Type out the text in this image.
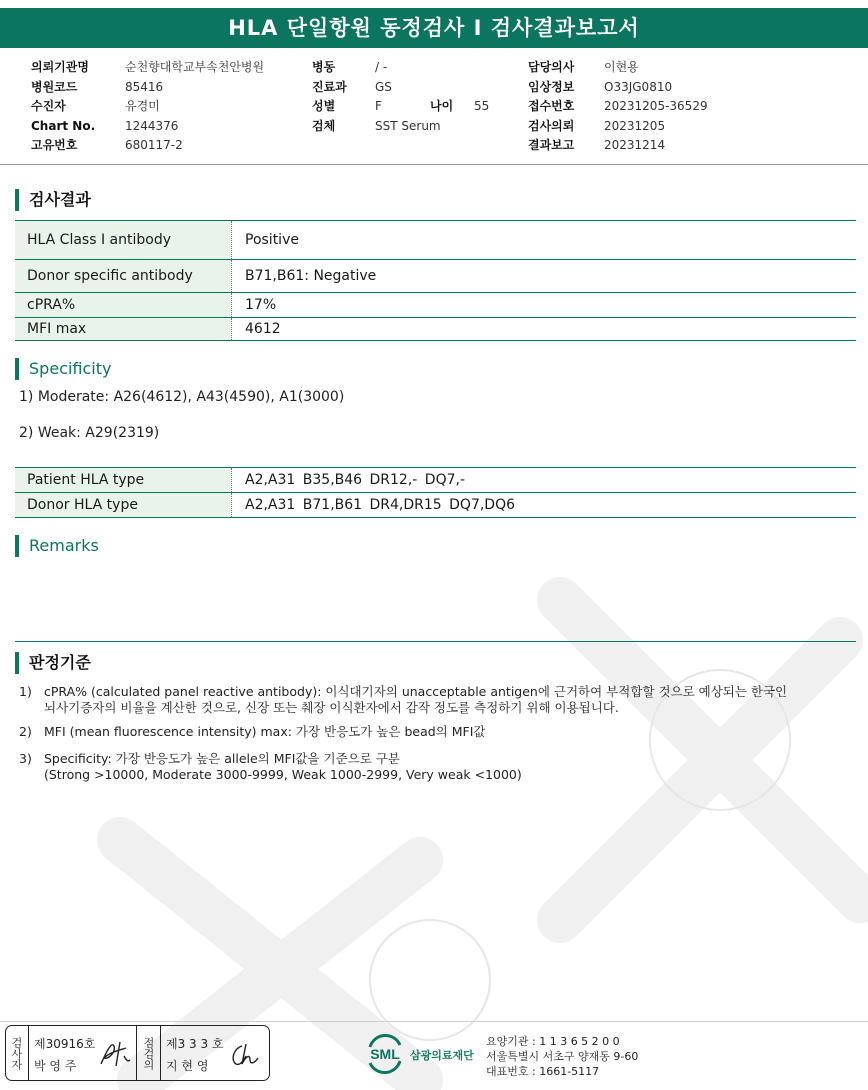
HLA 단일항원 동정검사 I 검사결과보고서
의뢰기관명	순천향대학교부속천안병원
병원코드	85416
수진자	유경미
Chart No. 1244376
고유번호	680117-2
병동	/ -
진료과 GS
성별	F	나이 55
검체	SST Serum
담당의사 이현용
임상정보 O33JG0810
접수번호 20231205-36529
검사의뢰 20231205
결과보고 20231214
검사결과
HLA Class I antibody	Positive
Donor specific antibody	B71,B61: Negative
cPRA%	17%
MFI max	4612
Specificity
1) Moderate: A26(4612), A43(4590), A1(3000)
2) Weak: A29(2319)
Patient HLA type	A2,A31 B35,B46 DR12,- DQ7,-
Donor HLA type	A2,A31 B71,B61 DR4,DR15 DQ7,DQ6
Remarks
판정기준
1) cPRA% (calculated panel reactive antibody): 이식대기자의 unacceptable antigen에 근거하여 부적합할 것으로 예상되는 한국인
뇌사기증자의 비율을 계산한 것으로, 신장 또는 췌장 이식환자에서 감작 정도를 측정하기 위해 이용됩니다.
2) MFI (mean fluorescence intensity) max: 가장 반응도가 높은 bead의 MFI값
3) Specificity: 가장 반응도가 높은 allele의 MFI값을 기준으로 구분
(Strong >10000, Moderate 3000-9999, Weak 1000-2999, Very weak <1000)
검사자 제30916호
박 영 주	점검의 제3 3 3 호
지 현 영
SML 삼광의료재단
요양기관 : 1 1 3 6 5 2 0 0
서울특별시 서초구 양재동 9-60
대표번호 : 1661-5117
